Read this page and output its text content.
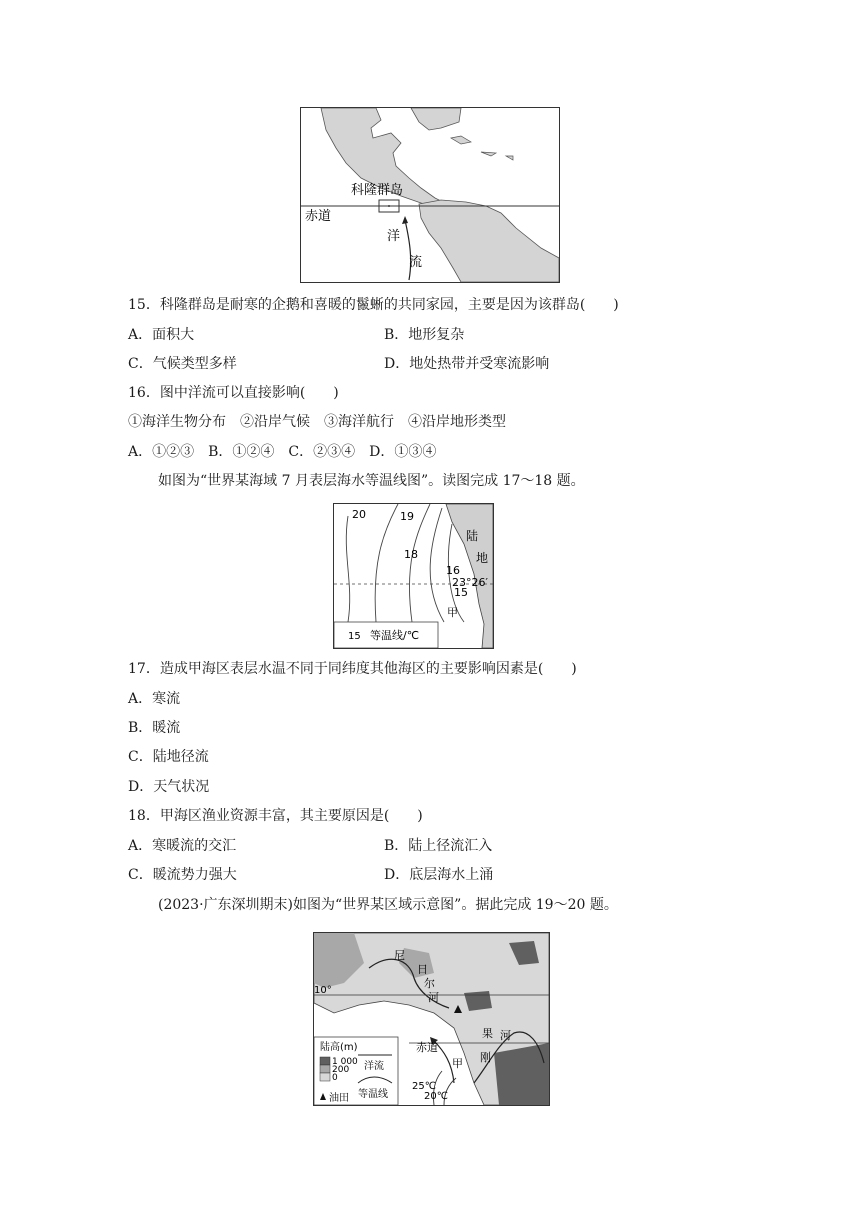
科隆群岛
赤道
洋
流
15．科隆群岛是耐寒的企鹅和喜暖的鬣蜥的共同家园，主要是因为该群岛(　　)
A．面积大	B．地形复杂
C．气候类型多样	D．地处热带并受寒流影响
16．图中洋流可以直接影响(　　)
①海洋生物分布　②沿岸气候　③海洋航行　④沿岸地形类型
A．①②③　B．①②④　C．②③④　D．①③④
如图为“世界某海域 7 月表层海水等温线图”。读图完成 17～18 题。
20	19
18
16
15
陆
地
甲
23°26′
15 等温线/℃
17．造成甲海区表层水温不同于同纬度其他海区的主要影响因素是(　　)
A．寒流
B．暖流
C．陆地径流
D．天气状况
18．甲海区渔业资源丰富，其主要原因是(　　)
A．寒暖流的交汇	B．陆上径流汇入
C．暖流势力强大	D．底层海水上涌
(2023·广东深圳期末)如图为“世界某区域示意图”。据此完成 19～20 题。
陆高(m)
1 000
200
0
洋流
等温线
油田
尼
日
尔
河
10°
赤道
果 河
刚
甲
25℃
20℃
